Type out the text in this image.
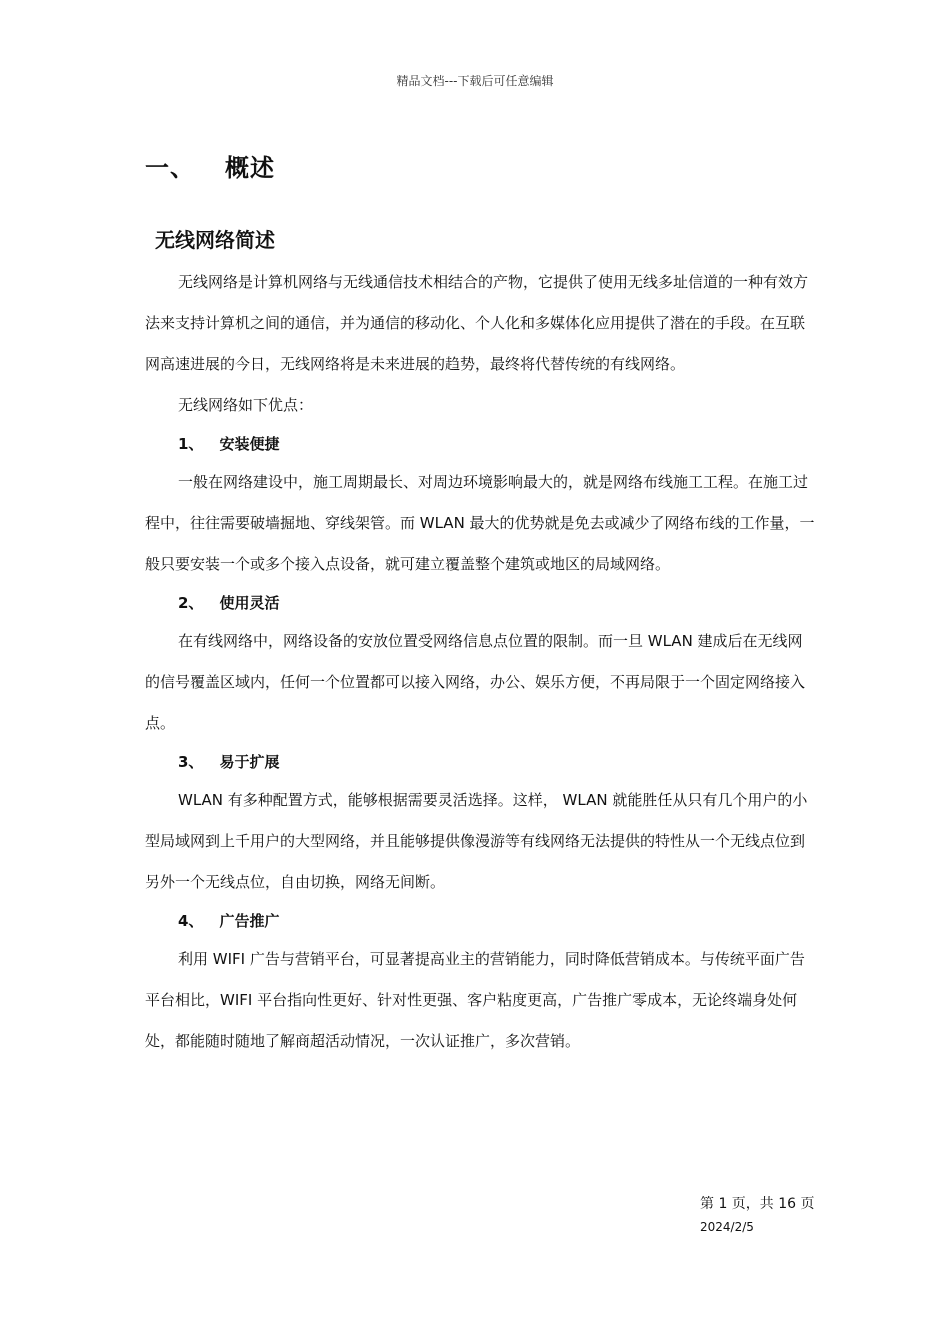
精品文档---下载后可任意编辑
一、 概述
无线网络简述

无线网络是计算机网络与无线通信技术相结合的产物，它提供了使用无线多址信道的一种有效方法来支持计算机之间的通信，并为通信的移动化、个人化和多媒体化应用提供了潜在的手段。在互联网高速进展的今日，无线网络将是未来进展的趋势，最终将代替传统的有线网络。

无线网络如下优点：

1、 安装便捷

一般在网络建设中，施工周期最长、对周边环境影响最大的，就是网络布线施工工程。在施工过程中，往往需要破墙掘地、穿线架管。而 WLAN 最大的优势就是免去或减少了网络布线的工作量，一般只要安装一个或多个接入点设备，就可建立覆盖整个建筑或地区的局域网络。

2、 使用灵活

在有线网络中，网络设备的安放位置受网络信息点位置的限制。而一旦 WLAN 建成后在无线网的信号覆盖区域内，任何一个位置都可以接入网络，办公、娱乐方便，不再局限于一个固定网络接入点。

3、 易于扩展

WLAN 有多种配置方式，能够根据需要灵活选择。这样， WLAN 就能胜任从只有几个用户的小型局域网到上千用户的大型网络，并且能够提供像漫游等有线网络无法提供的特性从一个无线点位到另外一个无线点位，自由切换，网络无间断。

4、 广告推广

利用 WIFI 广告与营销平台，可显著提高业主的营销能力，同时降低营销成本。与传统平面广告平台相比，WIFI 平台指向性更好、针对性更强、客户粘度更高，广告推广零成本，无论终端身处何处，都能随时随地了解商超活动情况，一次认证推广，多次营销。

第 1 页，共 16 页
2024/2/5
